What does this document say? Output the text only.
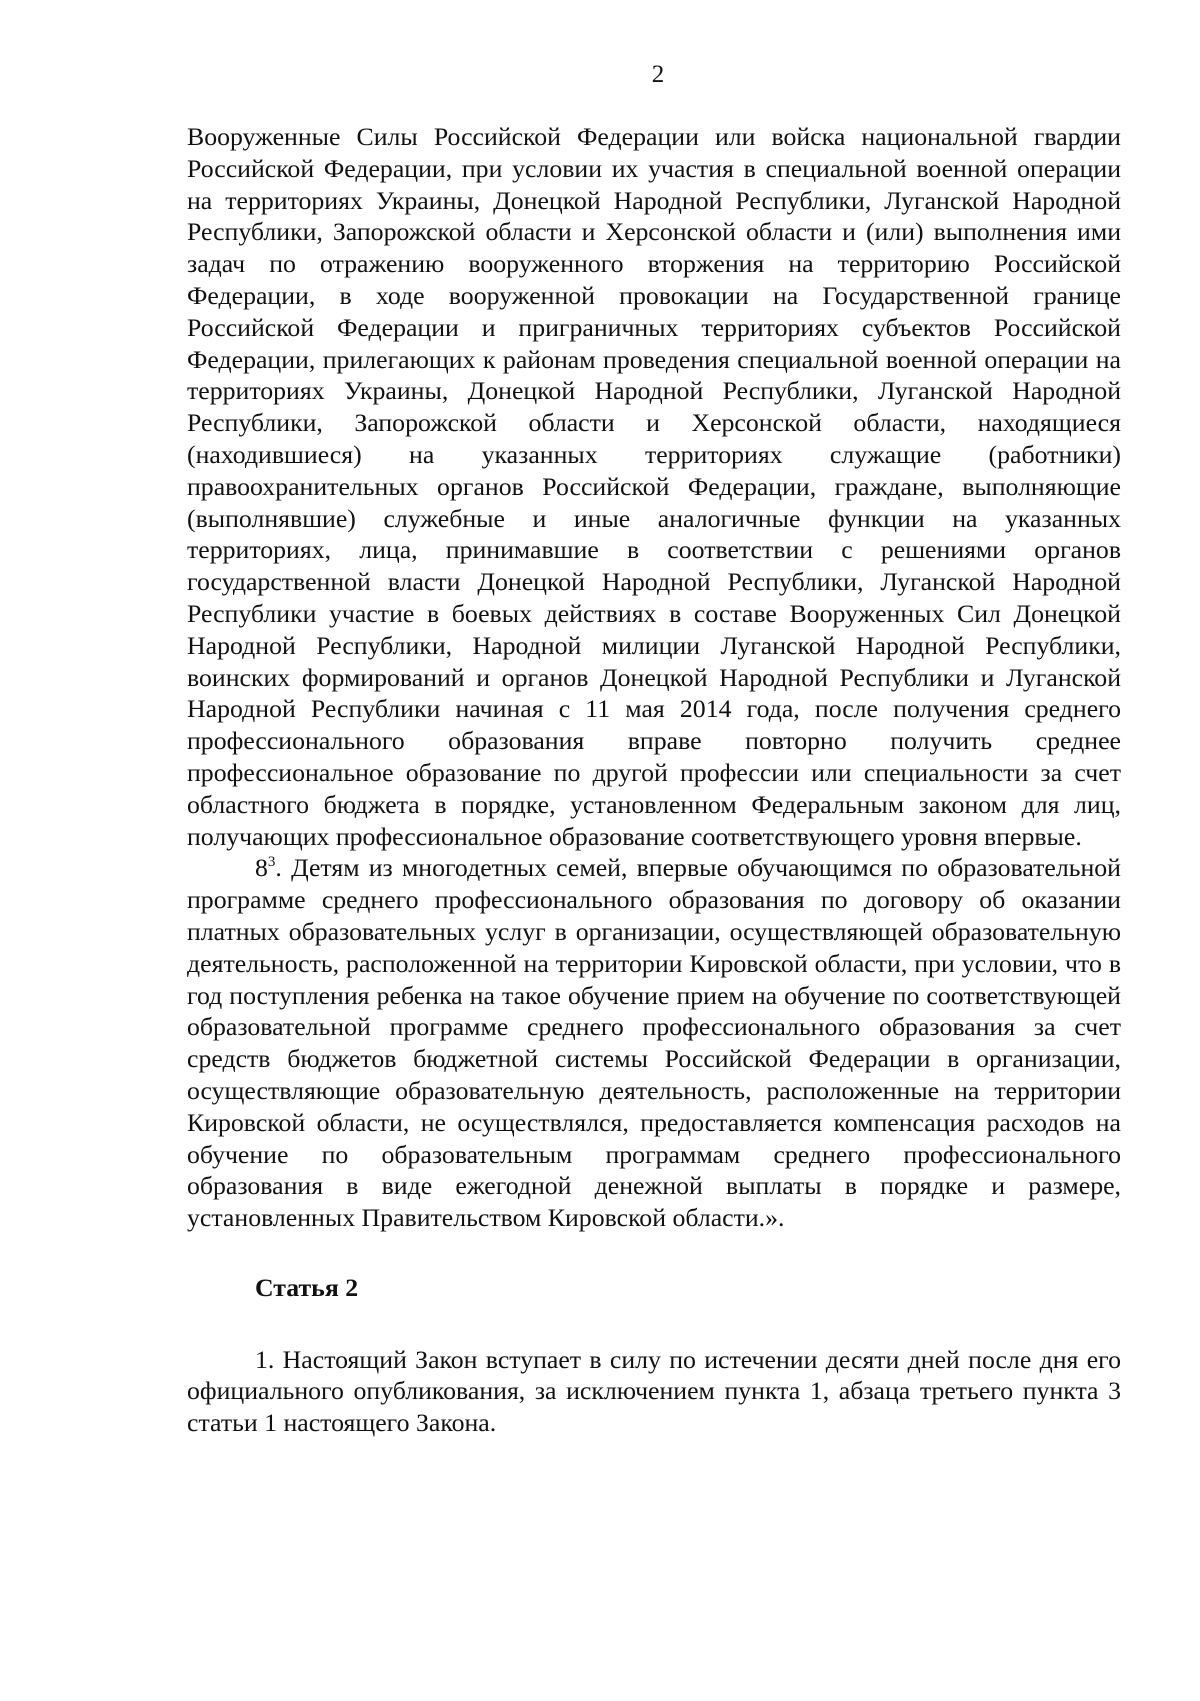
2

Вооруженные Силы Российской Федерации или войска национальной гвардии Российской Федерации, при условии их участия в специальной военной операции на территориях Украины, Донецкой Народной Республики, Луганской Народной Республики, Запорожской области и Херсонской области и (или) выполнения ими задач по отражению вооруженного вторжения на территорию Российской Федерации, в ходе вооруженной провокации на Государственной границе Российской Федерации и приграничных территориях субъектов Российской Федерации, прилегающих к районам проведения специальной военной операции на территориях Украины, Донецкой Народной Республики, Луганской Народной Республики, Запорожской области и Херсонской области, находящиеся (находившиеся) на указанных территориях служащие (работники) правоохранительных органов Российской Федерации, граждане, выполняющие (выполнявшие) служебные и иные аналогичные функции на указанных территориях, лица, принимавшие в соответствии с решениями органов государственной власти Донецкой Народной Республики, Луганской Народной Республики участие в боевых действиях в составе Вооруженных Сил Донецкой Народной Республики, Народной милиции Луганской Народной Республики, воинских формирований и органов Донецкой Народной Республики и Луганской Народной Республики начиная с 11 мая 2014 года, после получения среднего профессионального образования вправе повторно получить среднее профессиональное образование по другой профессии или специальности за счет областного бюджета в порядке, установленном Федеральным законом для лиц, получающих профессиональное образование соответствующего уровня впервые.

$8^3$. Детям из многодетных семей, впервые обучающимся по образовательной программе среднего профессионального образования по договору об оказании платных образовательных услуг в организации, осуществляющей образовательную деятельность, расположенной на территории Кировской области, при условии, что в год поступления ребенка на такое обучение прием на обучение по соответствующей образовательной программе среднего профессионального образования за счет средств бюджетов бюджетной системы Российской Федерации в организации, осуществляющие образовательную деятельность, расположенные на территории Кировской области, не осуществлялся, предоставляется компенсация расходов на обучение по образовательным программам среднего профессионального образования в виде ежегодной денежной выплаты в порядке и размере, установленных Правительством Кировской области.».

Статья 2

1. Настоящий Закон вступает в силу по истечении десяти дней после дня его официального опубликования, за исключением пункта 1, абзаца третьего пункта 3 статьи 1 настоящего Закона.
